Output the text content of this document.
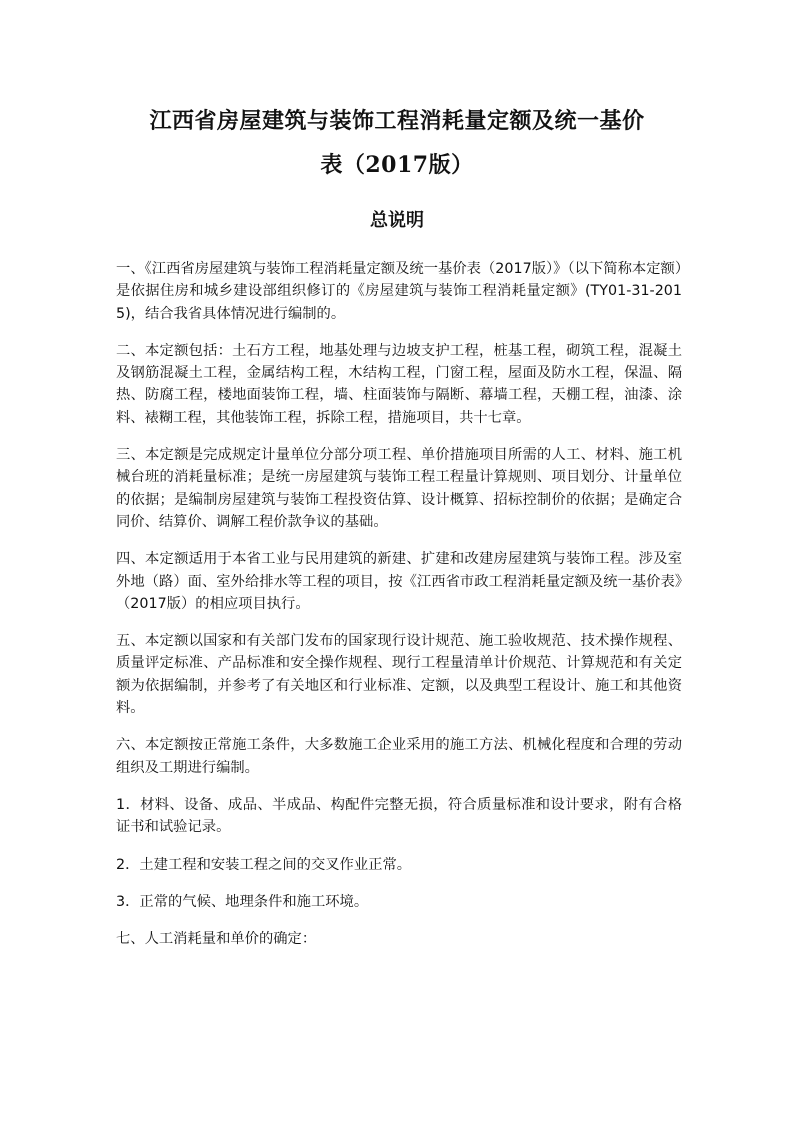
江西省房屋建筑与装饰工程消耗量定额及统一基价
表（2017版）
总说明

一、《江西省房屋建筑与装饰工程消耗量定额及统一基价表（2017版）》（以下简称本定额）是依据住房和城乡建设部组织修订的《房屋建筑与装饰工程消耗量定额》(TY01-31-2015)，结合我省具体情况进行编制的。

二、本定额包括：土石方工程，地基处理与边坡支护工程，桩基工程，砌筑工程，混凝土及钢筋混凝土工程，金属结构工程，木结构工程，门窗工程，屋面及防水工程，保温、隔热、防腐工程，楼地面装饰工程，墙、柱面装饰与隔断、幕墙工程，天棚工程，油漆、涂料、裱糊工程，其他装饰工程，拆除工程，措施项目，共十七章。

三、本定额是完成规定计量单位分部分项工程、单价措施项目所需的人工、材料、施工机械台班的消耗量标准；是统一房屋建筑与装饰工程工程量计算规则、项目划分、计量单位的依据；是编制房屋建筑与装饰工程投资估算、设计概算、招标控制价的依据；是确定合同价、结算价、调解工程价款争议的基础。

四、本定额适用于本省工业与民用建筑的新建、扩建和改建房屋建筑与装饰工程。涉及室外地（路）面、室外给排水等工程的项目，按《江西省市政工程消耗量定额及统一基价表》（2017版）的相应项目执行。

五、本定额以国家和有关部门发布的国家现行设计规范、施工验收规范、技术操作规程、质量评定标准、产品标准和安全操作规程、现行工程量清单计价规范、计算规范和有关定额为依据编制，并参考了有关地区和行业标准、定额，以及典型工程设计、施工和其他资料。

六、本定额按正常施工条件，大多数施工企业采用的施工方法、机械化程度和合理的劳动组织及工期进行编制。

1．材料、设备、成品、半成品、构配件完整无损，符合质量标准和设计要求，附有合格证书和试验记录。

2．土建工程和安装工程之间的交叉作业正常。

3．正常的气候、地理条件和施工环境。

七、人工消耗量和单价的确定：
